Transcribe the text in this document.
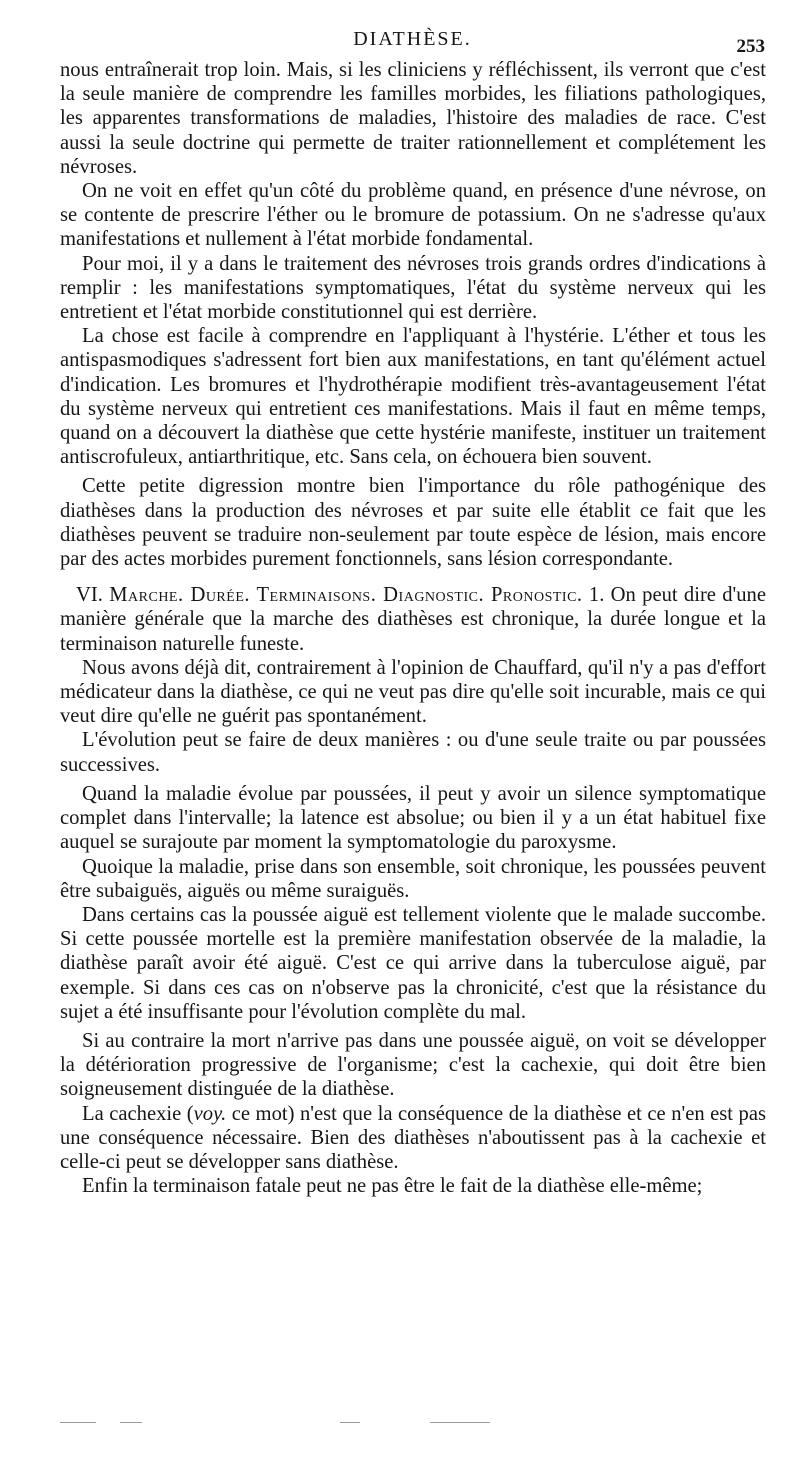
DIATHÈSE.	253

nous entraînerait trop loin. Mais, si les cliniciens y réfléchissent, ils verront que c'est la seule manière de comprendre les familles morbides, les filiations pathologiques, les apparentes transformations de maladies, l'histoire des maladies de race. C'est aussi la seule doctrine qui permette de traiter rationnellement et complétement les névroses.

On ne voit en effet qu'un côté du problème quand, en présence d'une névrose, on se contente de prescrire l'éther ou le bromure de potassium. On ne s'adresse qu'aux manifestations et nullement à l'état morbide fondamental.

Pour moi, il y a dans le traitement des névroses trois grands ordres d'indications à remplir : les manifestations symptomatiques, l'état du système nerveux qui les entretient et l'état morbide constitutionnel qui est derrière.

La chose est facile à comprendre en l'appliquant à l'hystérie. L'éther et tous les antispasmodiques s'adressent fort bien aux manifestations, en tant qu'élément actuel d'indication. Les bromures et l'hydrothérapie modifient très-avantageusement l'état du système nerveux qui entretient ces manifestations. Mais il faut en même temps, quand on a découvert la diathèse que cette hystérie manifeste, instituer un traitement antiscrofuleux, antiarthritique, etc. Sans cela, on échouera bien souvent.

Cette petite digression montre bien l'importance du rôle pathogénique des diathèses dans la production des névroses et par suite elle établit ce fait que les diathèses peuvent se traduire non-seulement par toute espèce de lésion, mais encore par des actes morbides purement fonctionnels, sans lésion correspondante.

VI. Marche. Durée. Terminaisons. Diagnostic. Pronostic. 1. On peut dire d'une manière générale que la marche des diathèses est chronique, la durée longue et la terminaison naturelle funeste.

Nous avons déjà dit, contrairement à l'opinion de Chauffard, qu'il n'y a pas d'effort médicateur dans la diathèse, ce qui ne veut pas dire qu'elle soit incurable, mais ce qui veut dire qu'elle ne guérit pas spontanément.

L'évolution peut se faire de deux manières : ou d'une seule traite ou par poussées successives.

Quand la maladie évolue par poussées, il peut y avoir un silence symptomatique complet dans l'intervalle; la latence est absolue; ou bien il y a un état habituel fixe auquel se surajoute par moment la symptomatologie du paroxysme.

Quoique la maladie, prise dans son ensemble, soit chronique, les poussées peuvent être subaiguës, aiguës ou même suraiguës.

Dans certains cas la poussée aiguë est tellement violente que le malade succombe. Si cette poussée mortelle est la première manifestation observée de la maladie, la diathèse paraît avoir été aiguë. C'est ce qui arrive dans la tuberculose aiguë, par exemple. Si dans ces cas on n'observe pas la chronicité, c'est que la résistance du sujet a été insuffisante pour l'évolution complète du mal.

Si au contraire la mort n'arrive pas dans une poussée aiguë, on voit se développer la détérioration progressive de l'organisme; c'est la cachexie, qui doit être bien soigneusement distinguée de la diathèse.

La cachexie (voy. ce mot) n'est que la conséquence de la diathèse et ce n'en est pas une conséquence nécessaire. Bien des diathèses n'aboutissent pas à la cachexie et celle-ci peut se développer sans diathèse.

Enfin la terminaison fatale peut ne pas être le fait de la diathèse elle-même;
